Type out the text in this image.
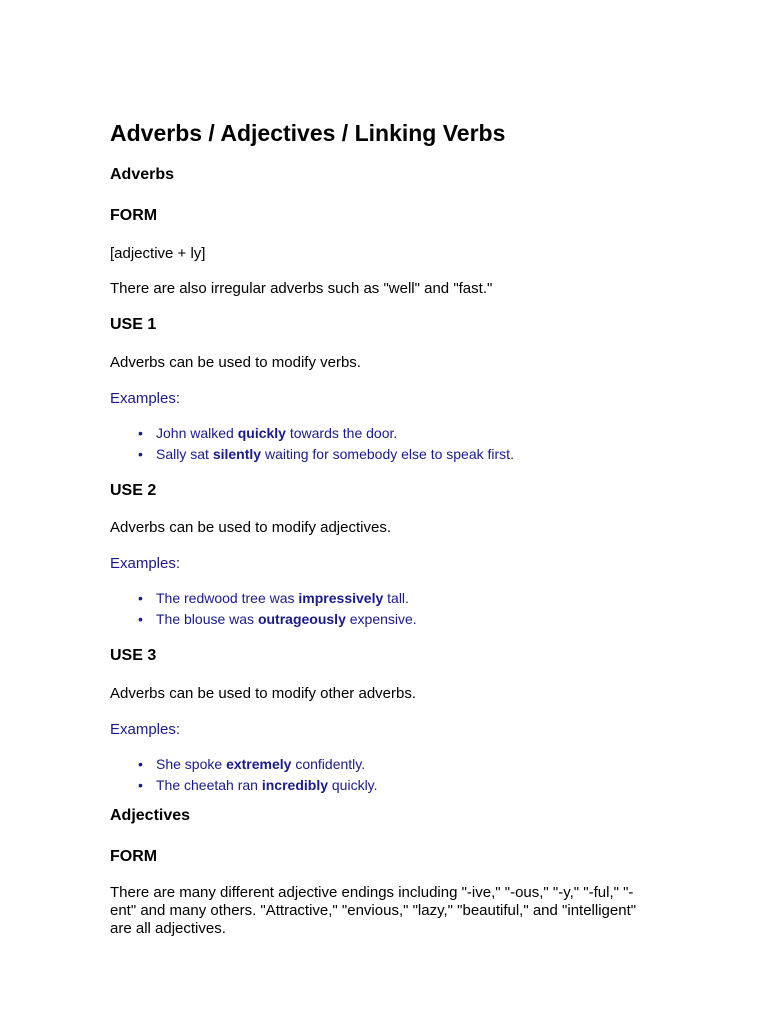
Adverbs / Adjectives / Linking Verbs
Adverbs
FORM

[adjective + ly]

There are also irregular adverbs such as "well" and "fast."

USE 1

Adverbs can be used to modify verbs.

Examples:

• John walked quickly towards the door.
• Sally sat silently waiting for somebody else to speak first.
USE 2

Adverbs can be used to modify adjectives.

Examples:

• The redwood tree was impressively tall.
• The blouse was outrageously expensive.
USE 3

Adverbs can be used to modify other adverbs.

Examples:

• She spoke extremely confidently.
• The cheetah ran incredibly quickly.
Adjectives
FORM
There are many different adjective endings including "-ive," "-ous," "-y," "-ful," "-
ent" and many others. "Attractive," "envious," "lazy," "beautiful," and "intelligent"
are all adjectives.
